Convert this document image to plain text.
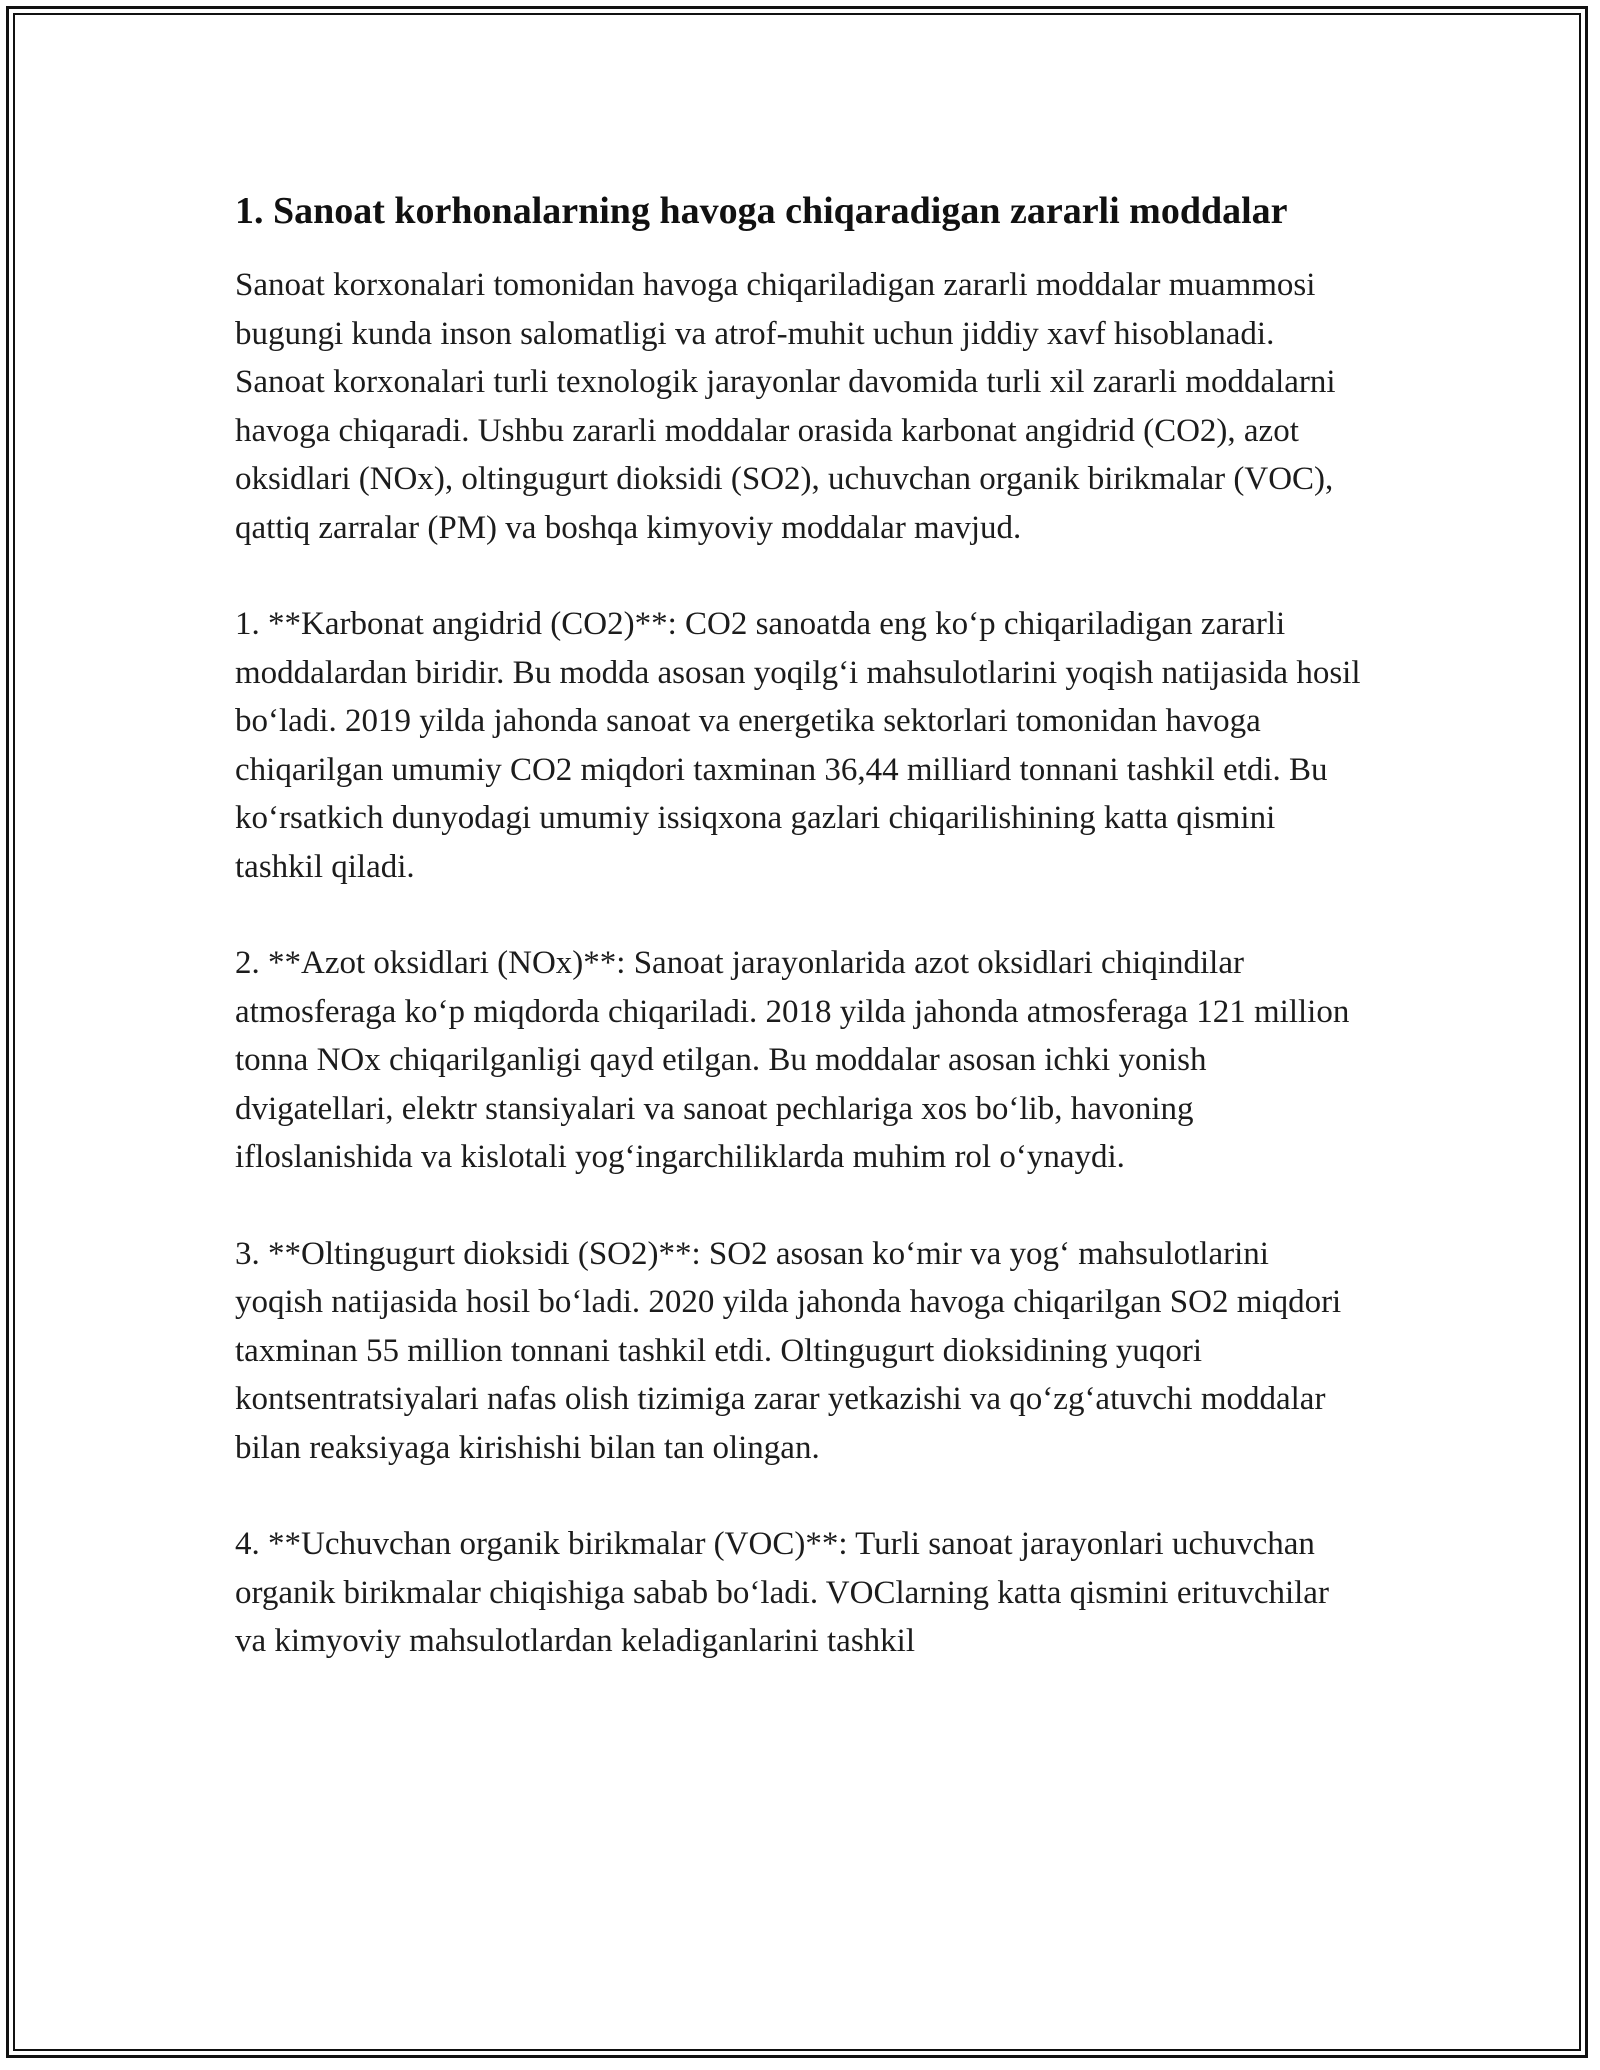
1. Sanoat korhonalarning havoga chiqaradigan zararli moddalar

Sanoat korxonalari tomonidan havoga chiqariladigan zararli moddalar muammosi bugungi kunda inson salomatligi va atrof-muhit uchun jiddiy xavf hisoblanadi. Sanoat korxonalari turli texnologik jarayonlar davomida turli xil zararli moddalarni havoga chiqaradi. Ushbu zararli moddalar orasida karbonat angidrid (CO2), azot oksidlari (NOx), oltingugurt dioksidi (SO2), uchuvchan organik birikmalar (VOC), qattiq zarralar (PM) va boshqa kimyoviy moddalar mavjud.

1. **Karbonat angidrid (CO2)**: CO2 sanoatda eng koʻp chiqariladigan zararli moddalardan biridir. Bu modda asosan yoqilgʻi mahsulotlarini yoqish natijasida hosil boʻladi. 2019 yilda jahonda sanoat va energetika sektorlari tomonidan havoga chiqarilgan umumiy CO2 miqdori taxminan 36,44 milliard tonnani tashkil etdi. Bu koʻrsatkich dunyodagi umumiy issiqxona gazlari chiqarilishining katta qismini tashkil qiladi.

2. **Azot oksidlari (NOx)**: Sanoat jarayonlarida azot oksidlari chiqindilar atmosferaga koʻp miqdorda chiqariladi. 2018 yilda jahonda atmosferaga 121 million tonna NOx chiqarilganligi qayd etilgan. Bu moddalar asosan ichki yonish dvigatellari, elektr stansiyalari va sanoat pechlariga xos boʻlib, havoning ifloslanishida va kislotali yogʻingarchiliklarda muhim rol oʻynaydi.

3. **Oltingugurt dioksidi (SO2)**: SO2 asosan koʻmir va yogʻ mahsulotlarini yoqish natijasida hosil boʻladi. 2020 yilda jahonda havoga chiqarilgan SO2 miqdori taxminan 55 million tonnani tashkil etdi. Oltingugurt dioksidining yuqori kontsentratsiyalari nafas olish tizimiga zarar yetkazishi va qoʻzgʻatuvchi moddalar bilan reaksiyaga kirishishi bilan tan olingan.

4. **Uchuvchan organik birikmalar (VOC)**: Turli sanoat jarayonlari uchuvchan organik birikmalar chiqishiga sabab boʻladi. VOClarning katta qismini erituvchilar va kimyoviy mahsulotlardan keladiganlarini tashkil
